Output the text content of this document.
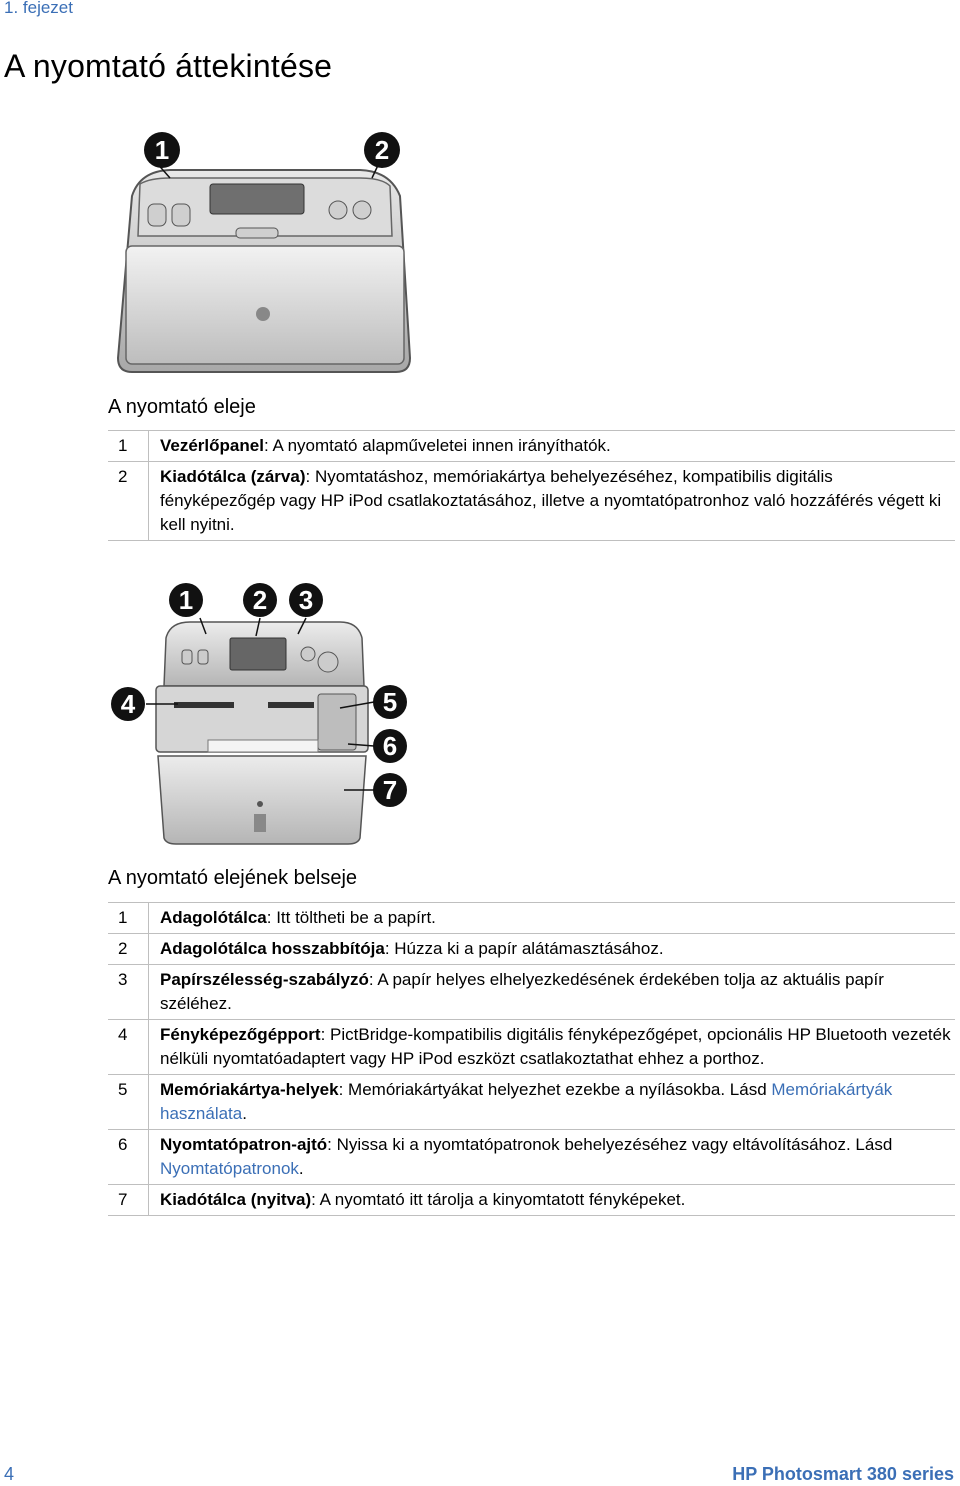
1. fejezet
A nyomtató áttekintése
1	2
A nyomtató eleje
1	Vezérlőpanel: A nyomtató alapműveletei innen irányíthatók.
2	Kiadótálca (zárva): Nyomtatáshoz, memóriakártya behelyezéséhez, kompatibilis digitális fényképezőgép vagy HP iPod csatlakoztatásához, illetve a nyomtatópatronhoz való hozzáférés végett ki kell nyitni.
1 2 3
4	5
6
7
A nyomtató elejének belseje
1	Adagolótálca: Itt töltheti be a papírt.
2	Adagolótálca hosszabbítója: Húzza ki a papír alátámasztásához.
3	Papírszélesség-szabályzó: A papír helyes elhelyezkedésének érdekében tolja az aktuális papír széléhez.
4	Fényképezőgépport: PictBridge-kompatibilis digitális fényképezőgépet, opcionális HP Bluetooth vezeték nélküli nyomtatóadaptert vagy HP iPod eszközt csatlakoztathat ehhez a porthoz.
5	Memóriakártya-helyek: Memóriakártyákat helyezhet ezekbe a nyílásokba. Lásd Memóriakártyák használata.
6	Nyomtatópatron-ajtó: Nyissa ki a nyomtatópatronok behelyezéséhez vagy eltávolításához. Lásd Nyomtatópatronok.
7	Kiadótálca (nyitva): A nyomtató itt tárolja a kinyomtatott fényképeket.
4	HP Photosmart 380 series
